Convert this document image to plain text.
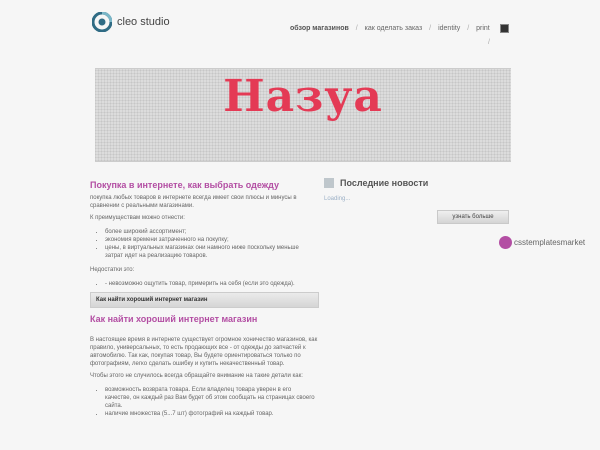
cleo studio
обзор магазинов / как оделать заказ / identity / print
/
Назуа
Покупка в интернете, как выбрать одежду
покупка любых товаров в интернете всегда имеет свои плюсы и минусы в сравнении с реальными магазинами.
К преимуществам можно отнести:
• более широкий ассортимент;
• экономия времени затраченного на покупку;
• цены, в виртуальных магазинах они намного ниже поскольку меньше затрат идет на реализацию товаров.
Недостатки это:
• - невозможно ощутить товар, примерить на себя (если это одежда).
Как найти хороший интернет магазин
Как найти хороший интернет магазин
В настоящее время в интернете существует огромное хоничество магазинов, как правило, универсальных, то есть продающих все - от одежды до запчастей к автомобилю. Так как, покупая товар, Вы будете ориентироваться только по фотографиям, легко сделать ошибку и купить некачественный товар.
Чтобы этого не случилось всегда обращайте внимание на такие детали как:
• возможность возврата товара. Если владелец товара уверен в его качестве, он каждый раз Вам будет об этом сообщать на страницах своего сайта.
• наличие множества (5...7 шт) фотографий на каждый товар.
Последние новости
Loading...
узнать больше
csstemplatesmarket
